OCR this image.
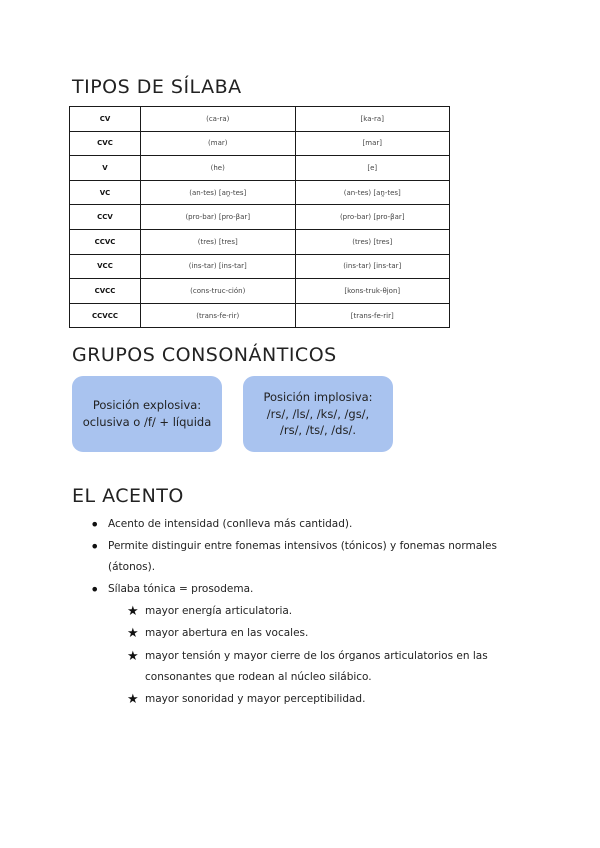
TIPOS DE SÍLABA
CV	(ca-ra)	[ka-ra]
CVC	(mar)	[mar]
V	(he)	[e]
VC	(an-tes) [an̪-tes]	(an-tes) [an̪-tes]
CCV	(pro-bar) [pro-βar]	(pro-bar) [pro-βar]
CCVC	(tres) [tres]	(tres) [tres]
VCC	(ins-tar) [ins-tar]	(ins-tar) [ins-tar]
CVCC	(cons-truc-ción)	[kons-truk-θjon]
CCVCC	(trans-fe-rir)	[trans-fe-rir]
GRUPOS CONSONÁNTICOS
Posición explosiva:
oclusiva o /f/ + líquida
Posición implosiva:
/rs/, /ls/, /ks/, /gs/,
/rs/, /ts/, /ds/.
EL ACENTO
• Acento de intensidad (conlleva más cantidad).
• Permite distinguir entre fonemas intensivos (tónicos) y fonemas normales
(átonos).
• Sílaba tónica = prosodema.
★ mayor energía articulatoria.
★ mayor abertura en las vocales.
★ mayor tensión y mayor cierre de los órganos articulatorios en las
consonantes que rodean al núcleo silábico.
★ mayor sonoridad y mayor perceptibilidad.
